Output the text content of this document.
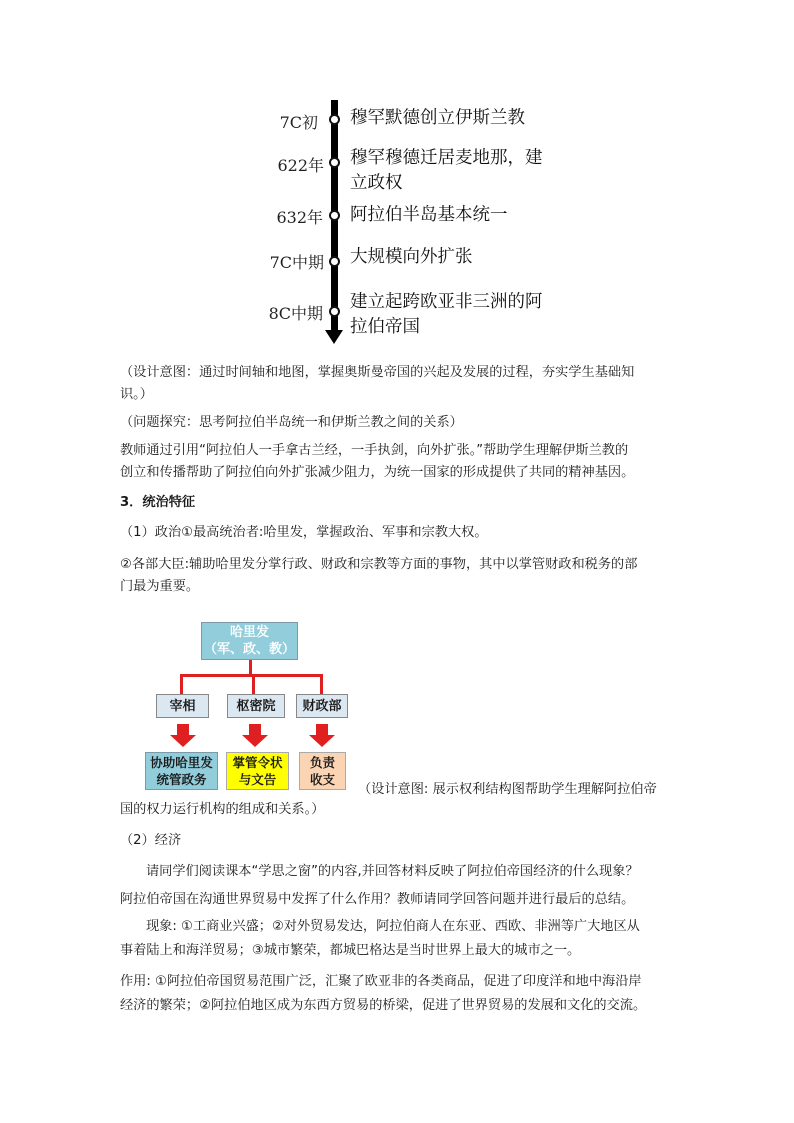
7C初 穆罕默德创立伊斯兰教
622年 穆罕穆德迁居麦地那，建
立政权
632年 阿拉伯半岛基本统一
7C中期 大规模向外扩张
8C中期
建立起跨欧亚非三洲的阿
拉伯帝国
（设计意图：通过时间轴和地图，掌握奥斯曼帝国的兴起及发展的过程，夯实学生基础知
识。）
（问题探究：思考阿拉伯半岛统一和伊斯兰教之间的关系）
教师通过引用“阿拉伯人一手拿古兰经，一手执剑，向外扩张。”帮助学生理解伊斯兰教的
创立和传播帮助了阿拉伯向外扩张减少阻力，为统一国家的形成提供了共同的精神基因。
3．统治特征
（1）政治①最高统治者:哈里发，掌握政治、军事和宗教大权。
②各部大臣:辅助哈里发分掌行政、财政和宗教等方面的事物，其中以掌管财政和税务的部
门最为重要。
哈里发
（军、政、教）
宰相	枢密院	财政部
协助哈里发
统管政务
掌管令状
与文告
负责
收支
（设计意图: 展示权利结构图帮助学生理解阿拉伯帝
国的权力运行机构的组成和关系。）
（2）经济
请同学们阅读课本“学思之窗”的内容,并回答材料反映了阿拉伯帝国经济的什么现象？
阿拉伯帝国在沟通世界贸易中发挥了什么作用？教师请同学回答问题并进行最后的总结。
现象: ①工商业兴盛；②对外贸易发达，阿拉伯商人在东亚、西欧、非洲等广大地区从
事着陆上和海洋贸易；③城市繁荣，都城巴格达是当时世界上最大的城市之一。
作用: ①阿拉伯帝国贸易范围广泛，汇聚了欧亚非的各类商品，促进了印度洋和地中海沿岸
经济的繁荣；②阿拉伯地区成为东西方贸易的桥梁，促进了世界贸易的发展和文化的交流。
